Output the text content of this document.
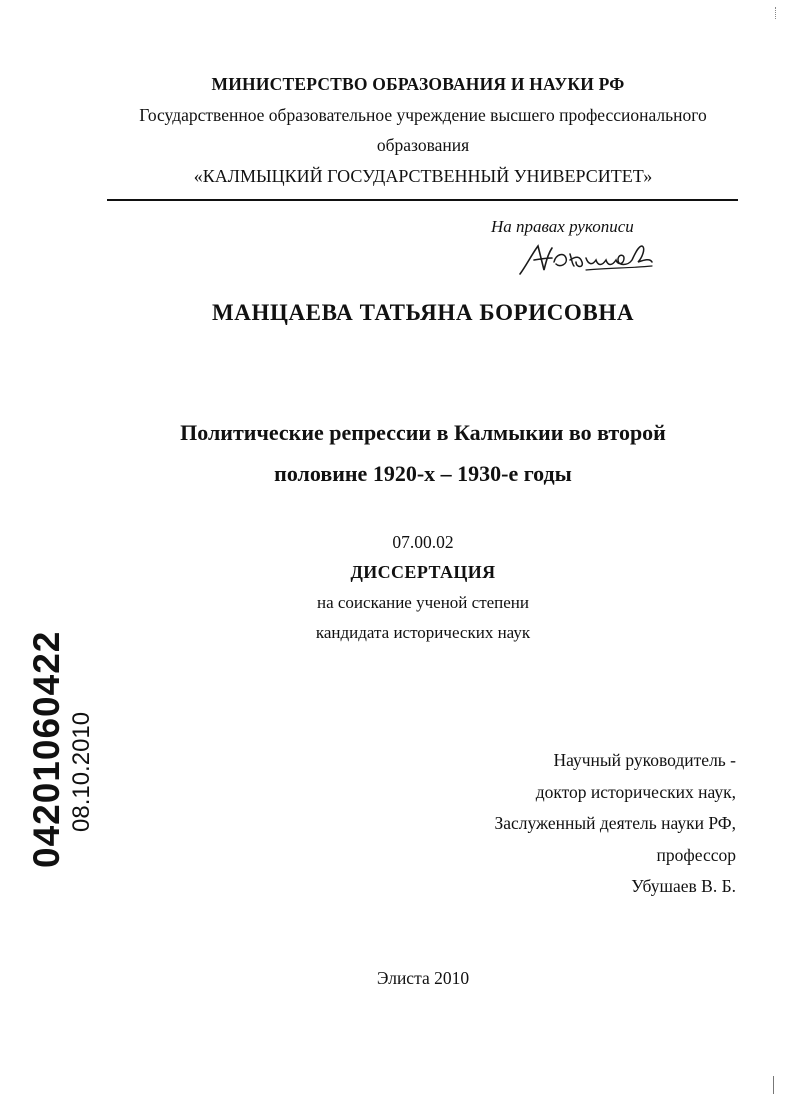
МИНИСТЕРСТВО ОБРАЗОВАНИЯ И НАУКИ РФ
Государственное образовательное учреждение высшего профессионального
образования
«КАЛМЫЦКИЙ ГОСУДАРСТВЕННЫЙ УНИВЕРСИТЕТ»
На правах рукописи
МАНЦАЕВА ТАТЬЯНА БОРИСОВНА
Политические репрессии в Калмыкии во второй
половине 1920-х – 1930-е годы
07.00.02
ДИССЕРТАЦИЯ
на соискание ученой степени
кандидата исторических наук
04201060422 08.10.2010	Научный руководитель -
доктор исторических наук,
Заслуженный деятель науки РФ,
профессор
Убушаев В. Б.
Элиста 2010
